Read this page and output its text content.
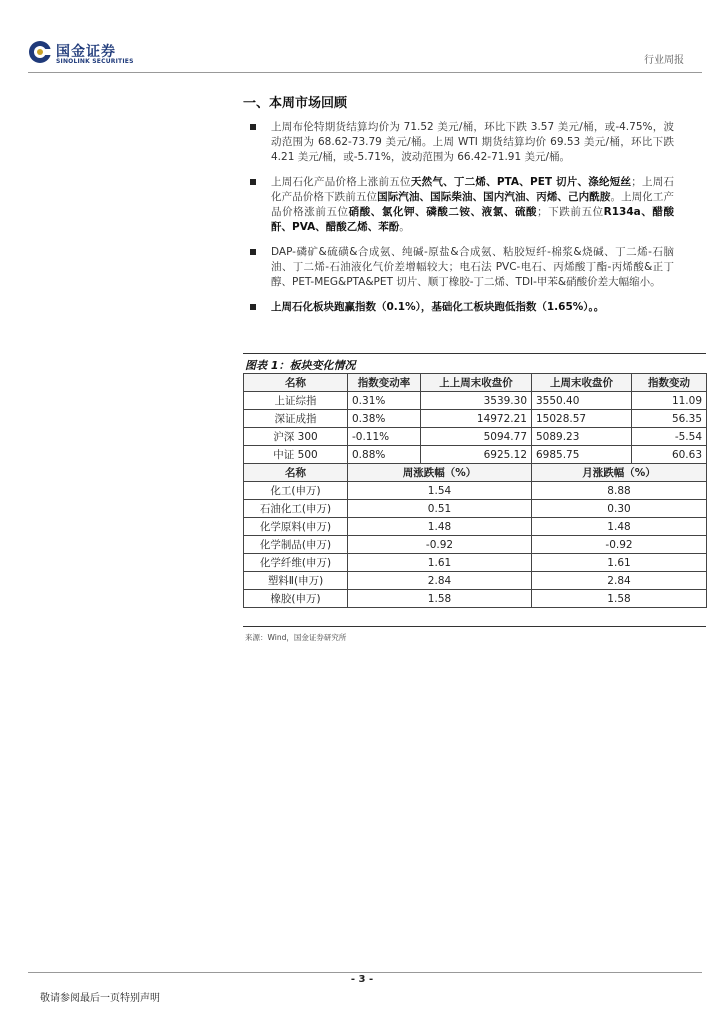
国金证券
SINOLINK SECURITIES	行业周报
一、本周市场回顾
上周布伦特期货结算均价为 71.52 美元/桶，环比下跌 3.57 美元/桶，或-4.75%，波动范围为 68.62-73.79 美元/桶。上周 WTI 期货结算均价 69.53 美元/桶，环比下跌 4.21 美元/桶，或-5.71%，波动范围为 66.42-71.91 美元/桶。
上周石化产品价格上涨前五位天然气、丁二烯、PTA、PET 切片、涤纶短丝；上周石化产品价格下跌前五位国际汽油、国际柴油、国内汽油、丙烯、己内酰胺。上周化工产品价格涨前五位硝酸、氯化钾、磷酸二铵、液氯、硫酸；下跌前五位R134a、醋酸酐、PVA、醋酸乙烯、苯酚。
DAP-磷矿&硫磺&合成氨、纯碱-原盐&合成氨、粘胶短纤-棉浆&烧碱、丁二烯-石脑油、丁二烯-石油液化气价差增幅较大；电石法 PVC-电石、丙烯酸丁酯-丙烯酸&正丁醇、PET-MEG&PTA&PET 切片、顺丁橡胶-丁二烯、TDI-甲苯&硝酸价差大幅缩小。
上周石化板块跑赢指数（0.1%），基础化工板块跑低指数（1.65%）。。
图表 1：板块变化情况
名称	指数变动率	上上周末收盘价	上周末收盘价	指数变动
上证综指	0.31%	3539.30	3550.40	11.09
深证成指	0.38%	14972.21	15028.57	56.35
沪深 300	-0.11%	5094.77	5089.23	-5.54
中证 500	0.88%	6925.12	6985.75	60.63
名称	周涨跌幅（%）		月涨跌幅（%）	
化工(申万)	1.54		8.88	
石油化工(申万)	0.51		0.30	
化学原料(申万)	1.48		1.48	
化学制品(申万)	-0.92		-0.92	
化学纤维(申万)	1.61		1.61	
塑料Ⅱ(申万)	2.84		2.84	
橡胶(申万)	1.58		1.58	
来源：Wind，国金证券研究所
- 3 -
敬请参阅最后一页特别声明
